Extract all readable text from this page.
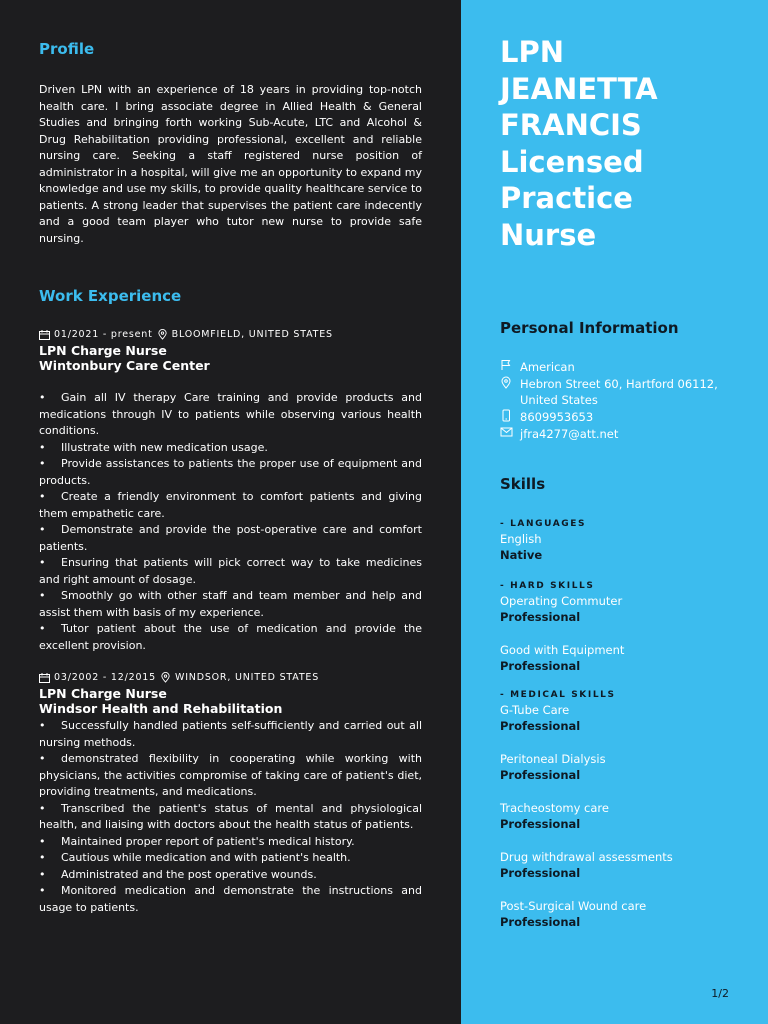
Profile
Driven LPN with an experience of 18 years in providing top-notch health care. I bring associate degree in Allied Health & General Studies and bringing forth working Sub-Acute, LTC and Alcohol & Drug Rehabilitation providing professional, excellent and reliable nursing care. Seeking a staff registered nurse position of administrator in a hospital, will give me an opportunity to expand my knowledge and use my skills, to provide quality healthcare service to patients. A strong leader that supervises the patient care indecently and a good team player who tutor new nurse to provide safe nursing.
Work Experience
01/2021 - present BLOOMFIELD, UNITED STATES
LPN Charge Nurse
Wintonbury Care Center
• Gain all IV therapy Care training and provide products and medications through IV to patients while observing various health conditions.
• Illustrate with new medication usage.
• Provide assistances to patients the proper use of equipment and products.
• Create a friendly environment to comfort patients and giving them empathetic care.
• Demonstrate and provide the post-operative care and comfort patients.
• Ensuring that patients will pick correct way to take medicines and right amount of dosage.
• Smoothly go with other staff and team member and help and assist them with basis of my experience.
• Tutor patient about the use of medication and provide the excellent provision.
03/2002 - 12/2015 WINDSOR, UNITED STATES
LPN Charge Nurse
Windsor Health and Rehabilitation
• Successfully handled patients self-sufficiently and carried out all nursing methods.
• demonstrated flexibility in cooperating while working with physicians, the activities compromise of taking care of patient's diet, providing treatments, and medications.
• Transcribed the patient's status of mental and physiological health, and liaising with doctors about the health status of patients.
• Maintained proper report of patient's medical history.
• Cautious while medication and with patient's health.
• Administrated and the post operative wounds.
• Monitored medication and demonstrate the instructions and usage to patients.
LPN
JEANETTA
FRANCIS
Licensed
Practice
Nurse
Personal Information
American
Hebron Street 60, Hartford 06112, United States
8609953653
jfra4277@att.net
Skills
- LANGUAGES
English
Native
- HARD SKILLS
Operating Commuter
Professional
Good with Equipment
Professional
- MEDICAL SKILLS
G-Tube Care
Professional
Peritoneal Dialysis
Professional
Tracheostomy care
Professional
Drug withdrawal assessments
Professional
Post-Surgical Wound care
Professional
1/2
